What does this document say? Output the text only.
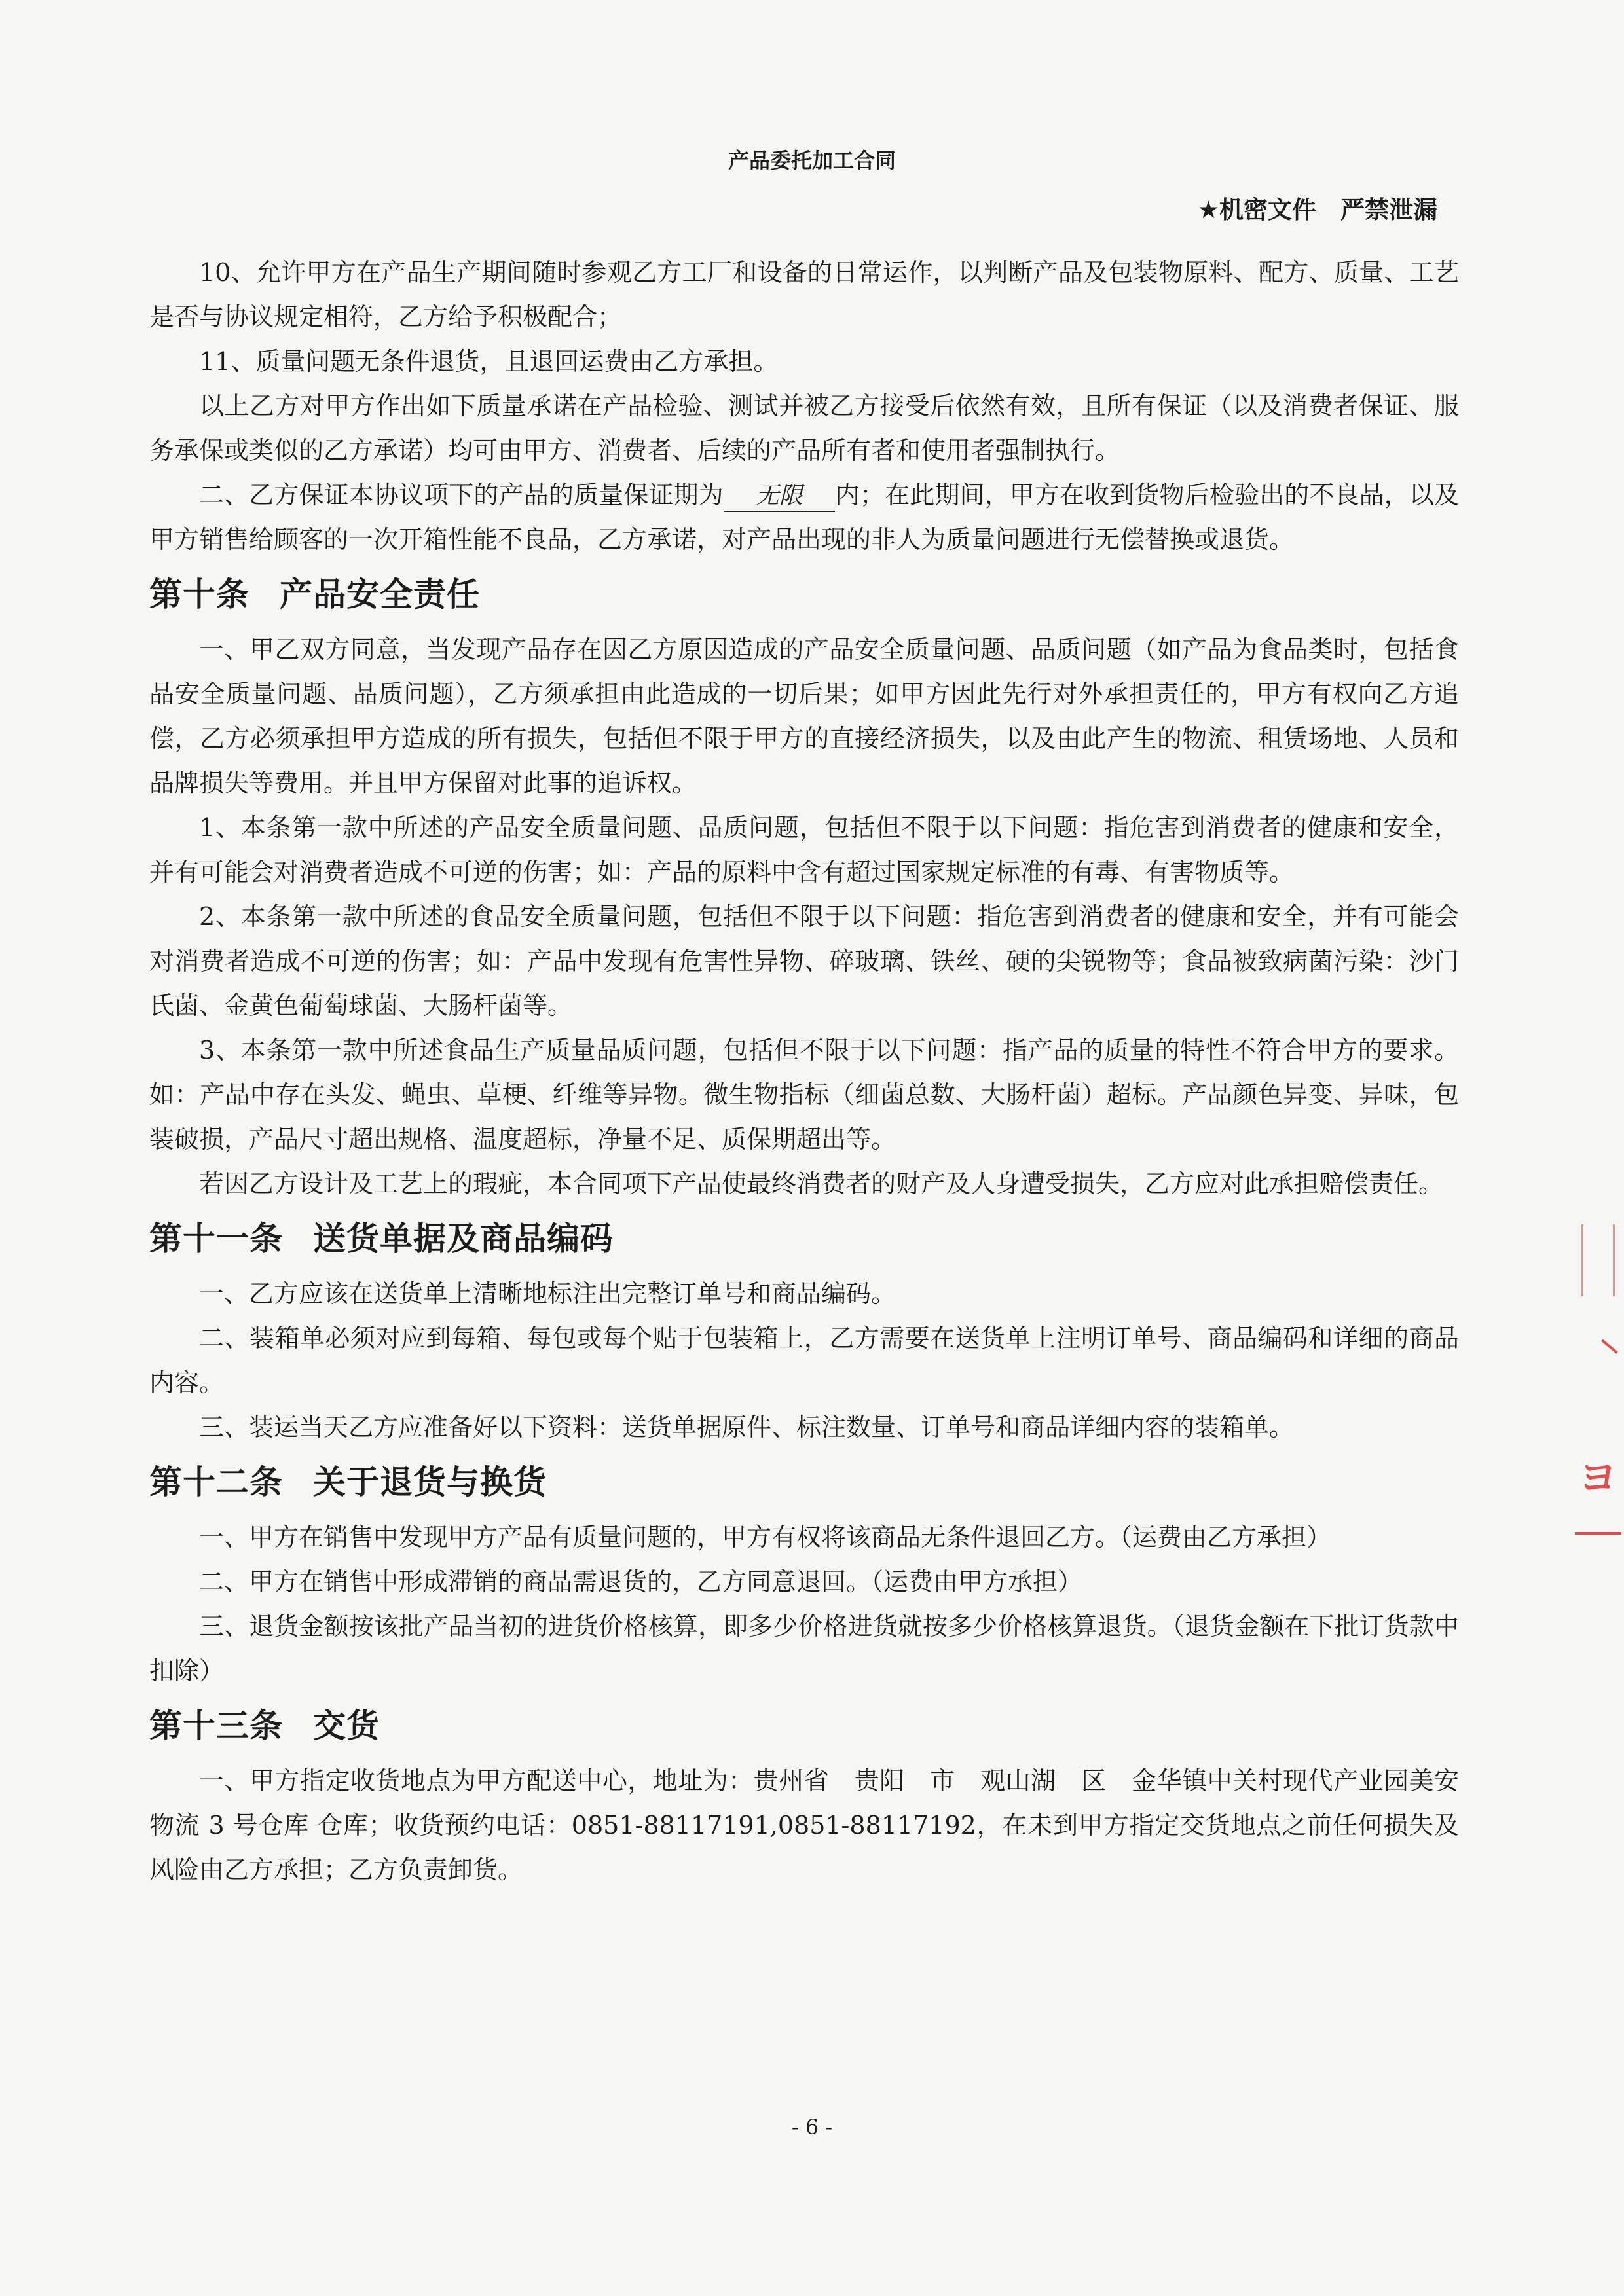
产品委托加工合同
★机密文件　严禁泄漏

10、允许甲方在产品生产期间随时参观乙方工厂和设备的日常运作，以判断产品及包装物原料、配方、质量、工艺是否与协议规定相符，乙方给予积极配合；

11、质量问题无条件退货，且退回运费由乙方承担。

以上乙方对甲方作出如下质量承诺在产品检验、测试并被乙方接受后依然有效，且所有保证（以及消费者保证、服务承保或类似的乙方承诺）均可由甲方、消费者、后续的产品所有者和使用者强制执行。

二、乙方保证本协议项下的产品的质量保证期为 无限 内；在此期间，甲方在收到货物后检验出的不良品，以及甲方销售给顾客的一次开箱性能不良品，乙方承诺，对产品出现的非人为质量问题进行无偿替换或退货。

第十条 产品安全责任

一、甲乙双方同意，当发现产品存在因乙方原因造成的产品安全质量问题、品质问题（如产品为食品类时，包括食品安全质量问题、品质问题），乙方须承担由此造成的一切后果；如甲方因此先行对外承担责任的，甲方有权向乙方追偿，乙方必须承担甲方造成的所有损失，包括但不限于甲方的直接经济损失，以及由此产生的物流、租赁场地、人员和品牌损失等费用。并且甲方保留对此事的追诉权。

1、本条第一款中所述的产品安全质量问题、品质问题，包括但不限于以下问题：指危害到消费者的健康和安全，并有可能会对消费者造成不可逆的伤害；如：产品的原料中含有超过国家规定标准的有毒、有害物质等。

2、本条第一款中所述的食品安全质量问题，包括但不限于以下问题：指危害到消费者的健康和安全，并有可能会对消费者造成不可逆的伤害；如：产品中发现有危害性异物、碎玻璃、铁丝、硬的尖锐物等；食品被致病菌污染：沙门氏菌、金黄色葡萄球菌、大肠杆菌等。

3、本条第一款中所述食品生产质量品质问题，包括但不限于以下问题：指产品的质量的特性不符合甲方的要求。如：产品中存在头发、蝇虫、草梗、纤维等异物。微生物指标（细菌总数、大肠杆菌）超标。产品颜色异变、异味，包装破损，产品尺寸超出规格、温度超标，净量不足、质保期超出等。

若因乙方设计及工艺上的瑕疵，本合同项下产品使最终消费者的财产及人身遭受损失，乙方应对此承担赔偿责任。

第十一条 送货单据及商品编码

一、乙方应该在送货单上清晰地标注出完整订单号和商品编码。

二、装箱单必须对应到每箱、每包或每个贴于包装箱上，乙方需要在送货单上注明订单号、商品编码和详细的商品内容。

三、装运当天乙方应准备好以下资料：送货单据原件、标注数量、订单号和商品详细内容的装箱单。

第十二条 关于退货与换货

一、甲方在销售中发现甲方产品有质量问题的，甲方有权将该商品无条件退回乙方。（运费由乙方承担）

二、甲方在销售中形成滞销的商品需退货的，乙方同意退回。（运费由甲方承担）

三、退货金额按该批产品当初的进货价格核算，即多少价格进货就按多少价格核算退货。（退货金额在下批订货款中扣除）

第十三条 交货

一、甲方指定收货地点为甲方配送中心，地址为：贵州省　贵阳　市　观山湖　区　金华镇中关村现代产业园美安物流 3 号仓库 仓库；收货预约电话：0851-88117191,0851-88117192，在未到甲方指定交货地点之前任何损失及风险由乙方承担；乙方负责卸货。

ヨ
- 6 -
